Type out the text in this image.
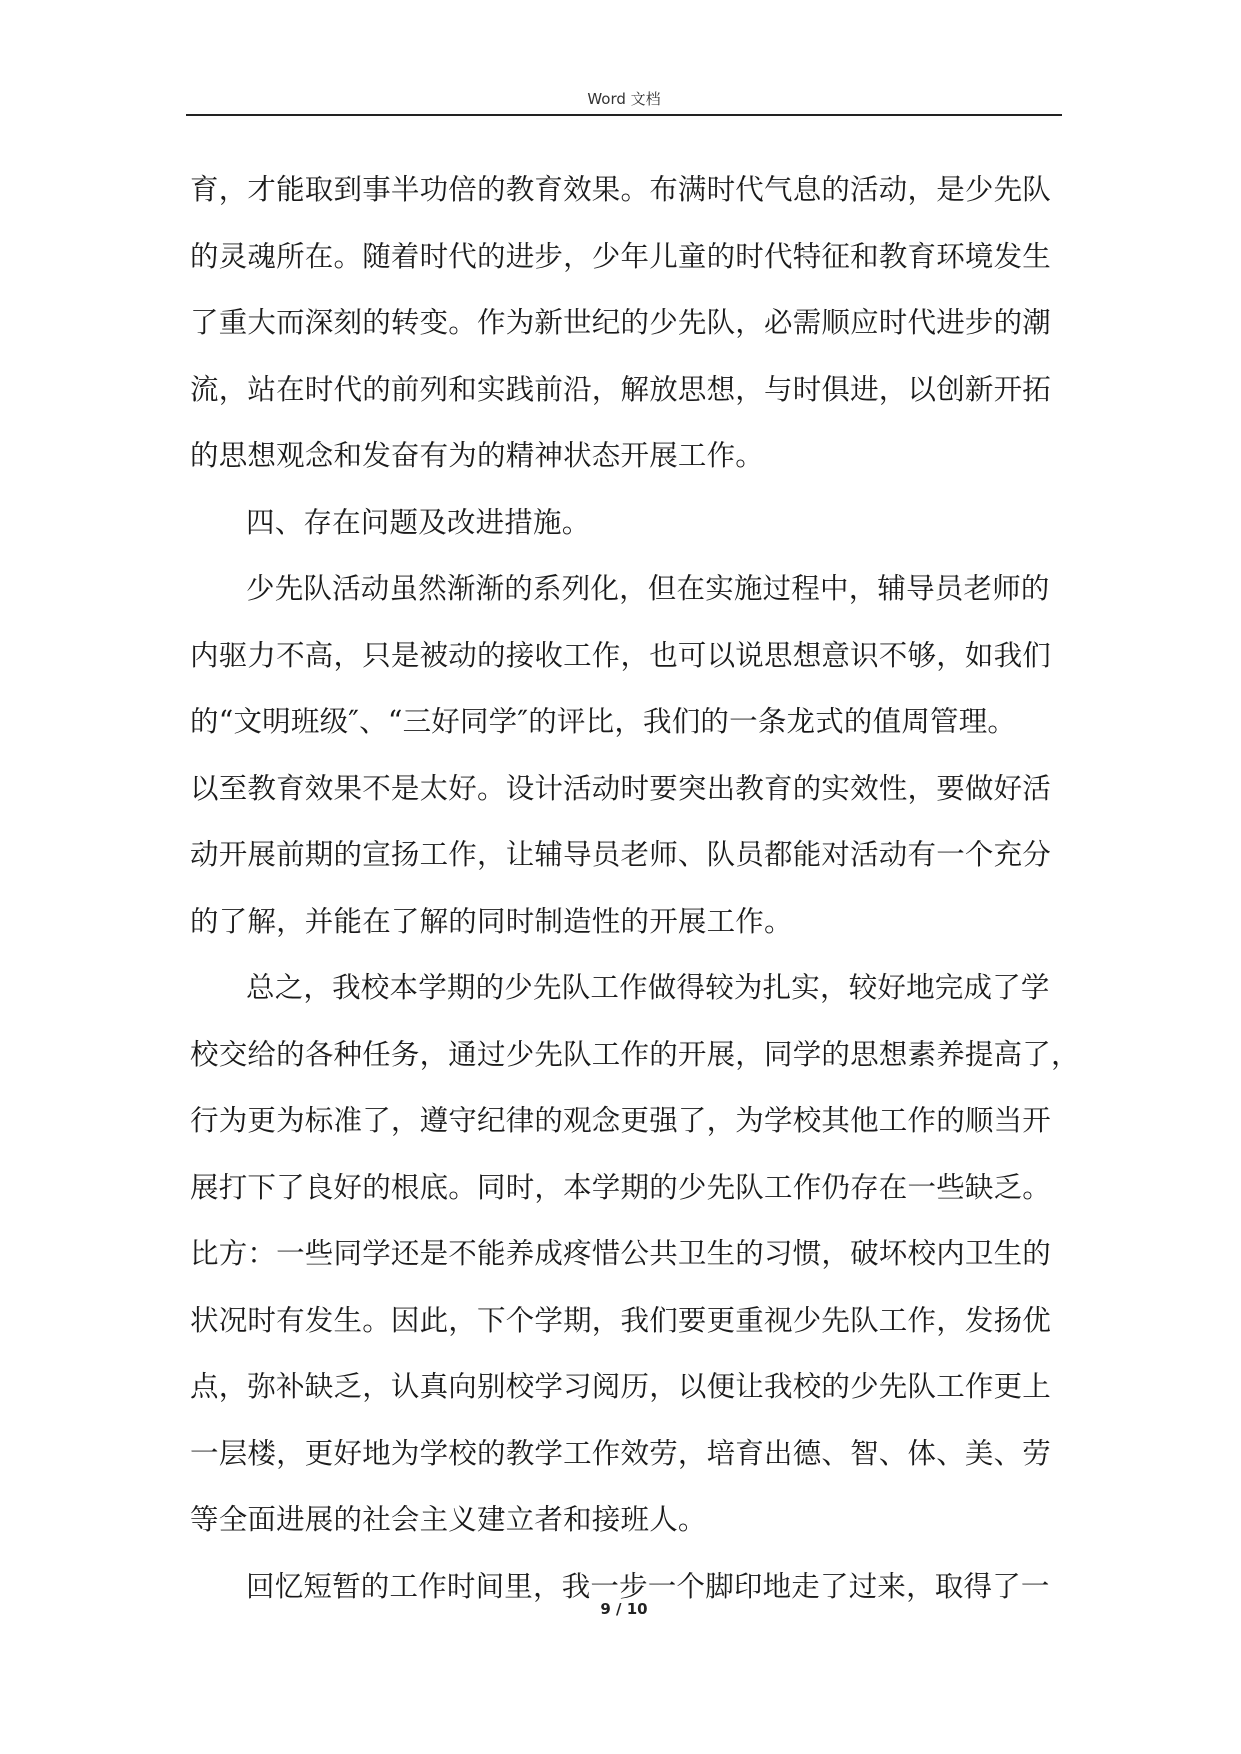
Word 文档
育，才能取到事半功倍的教育效果。布满时代气息的活动，是少先队
的灵魂所在。随着时代的进步，少年儿童的时代特征和教育环境发生
了重大而深刻的转变。作为新世纪的少先队，必需顺应时代进步的潮
流，站在时代的前列和实践前沿，解放思想，与时俱进，以创新开拓
的思想观念和发奋有为的精神状态开展工作。
四、存在问题及改进措施。
少先队活动虽然渐渐的系列化，但在实施过程中，辅导员老师的
内驱力不高，只是被动的接收工作，也可以说思想意识不够，如我们
的“文明班级″、“三好同学″的评比，我们的一条龙式的值周管理。
以至教育效果不是太好。设计活动时要突出教育的实效性，要做好活
动开展前期的宣扬工作，让辅导员老师、队员都能对活动有一个充分
的了解，并能在了解的同时制造性的开展工作。
总之，我校本学期的少先队工作做得较为扎实，较好地完成了学
校交给的各种任务，通过少先队工作的开展，同学的思想素养提高了，
行为更为标准了，遵守纪律的观念更强了，为学校其他工作的顺当开
展打下了良好的根底。同时，本学期的少先队工作仍存在一些缺乏。
比方：一些同学还是不能养成疼惜公共卫生的习惯，破坏校内卫生的
状况时有发生。因此，下个学期，我们要更重视少先队工作，发扬优
点，弥补缺乏，认真向别校学习阅历，以便让我校的少先队工作更上
一层楼，更好地为学校的教学工作效劳，培育出德、智、体、美、劳
等全面进展的社会主义建立者和接班人。
回忆短暂的工作时间里，我一步一个脚印地走了过来，取得了一
9 / 10
